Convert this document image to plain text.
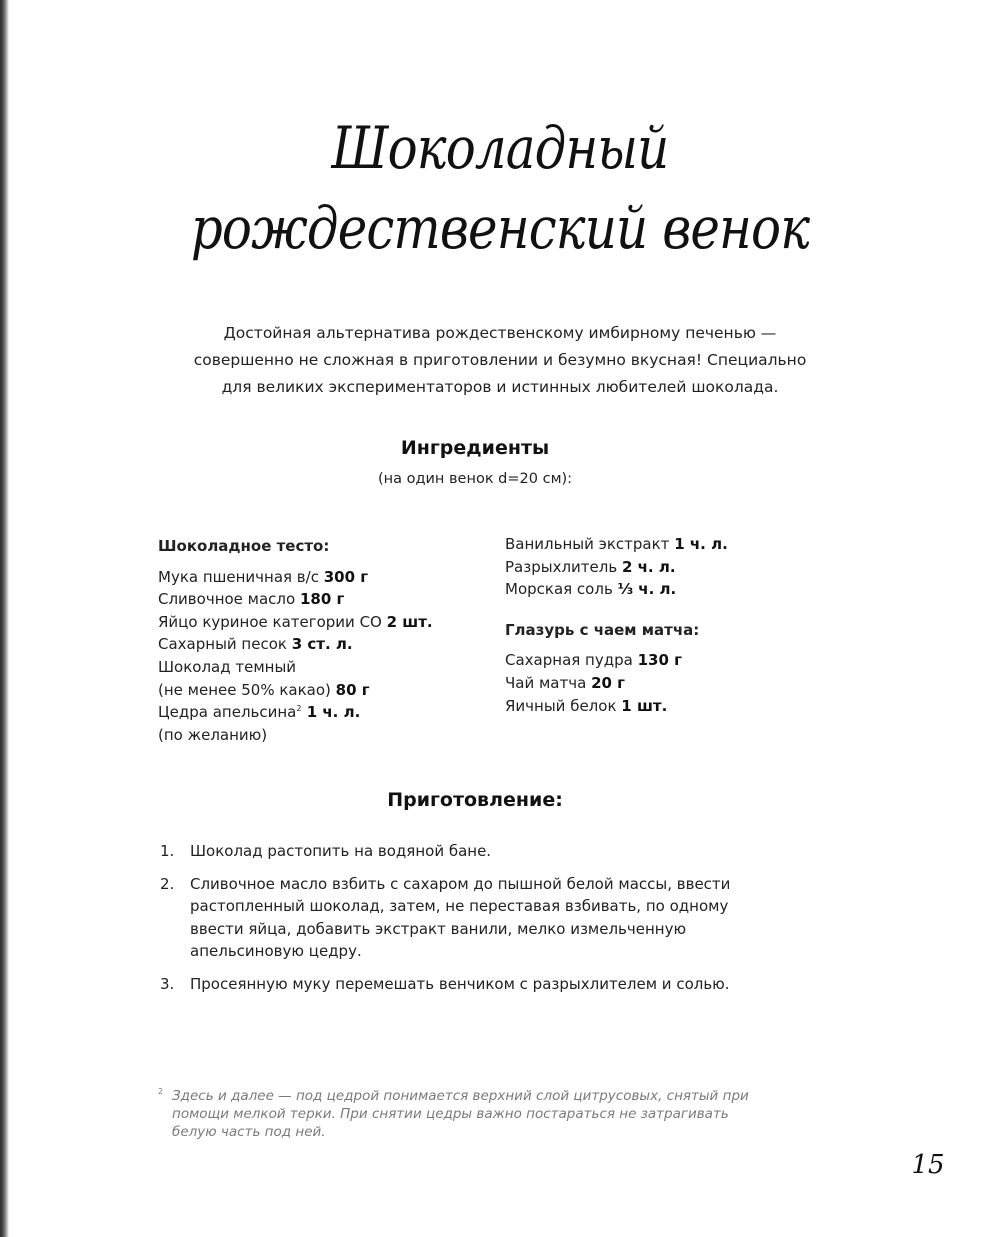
Шоколадный
рождественский венок
Достойная альтернатива рождественскому имбирному печенью —
совершенно не сложная в приготовлении и безумно вкусная! Специально
для великих экспериментаторов и истинных любителей шоколада.
Ингредиенты
(на один венок d=20 см):
Шоколадное тесто:
Мука пшеничная в/с 300 г
Сливочное масло 180 г
Яйцо куриное категории СО 2 шт.
Сахарный песок 3 ст. л.
Шоколад темный
(не менее 50% какао) 80 г
Цедра апельсина$^2$ 1 ч. л.
(по желанию)
Ванильный экстракт 1 ч. л.
Разрыхлитель 2 ч. л.
Морская соль ⅓ ч. л.
Глазурь с чаем матча:
Сахарная пудра 130 г
Чай матча 20 г
Яичный белок 1 шт.
Приготовление:
1.	Шоколад растопить на водяной бане.
2.	Сливочное масло взбить с сахаром до пышной белой массы, ввести
растопленный шоколад, затем, не переставая взбивать, по одному
ввести яйца, добавить экстракт ванили, мелко измельченную
апельсиновую цедру.
3.	Просеянную муку перемешать венчиком с разрыхлителем и солью.
2 Здесь и далее — под цедрой понимается верхний слой цитрусовых, снятый при
помощи мелкой терки. При снятии цедры важно постараться не затрагивать
белую часть под ней.
15
